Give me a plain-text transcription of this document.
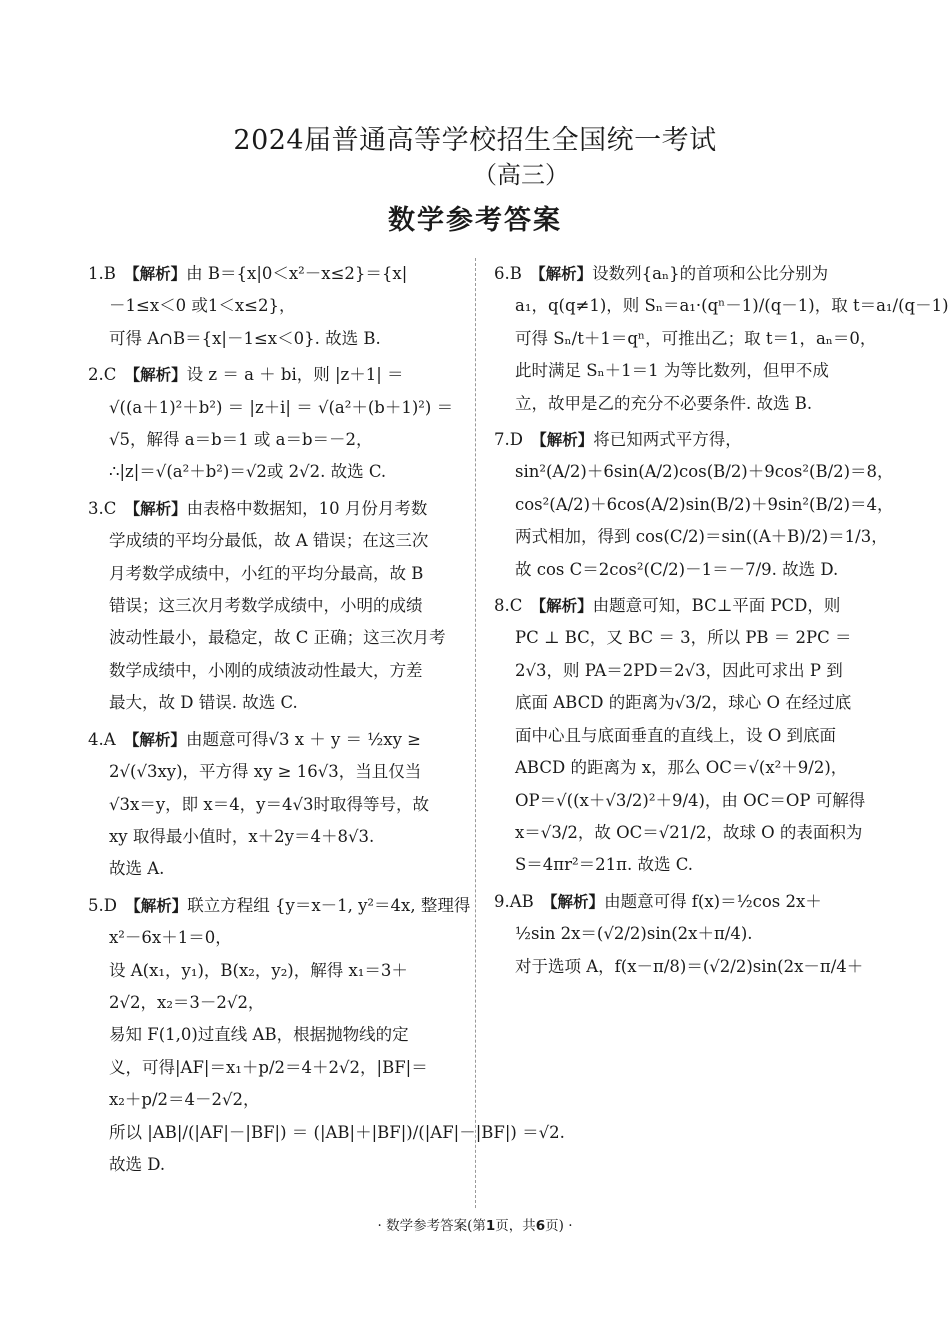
2024届普通高等学校招生全国统一考试
（高三）
数学参考答案
1.B  【解析】由 B＝{x|0＜x²－x≤2}＝{x|
－1≤x＜0 或1＜x≤2}，
可得 A∩B＝{x|－1≤x＜0}. 故选 B.
2.C  【解析】设 z ＝ a ＋ bi，则 |z＋1| ＝
√((a＋1)²＋b²) ＝ |z＋i| ＝ √(a²＋(b＋1)²) ＝
√5，解得 a＝b＝1 或 a＝b＝－2，
∴|z|＝√(a²＋b²)＝√2或 2√2. 故选 C.
3.C  【解析】由表格中数据知，10 月份月考数
学成绩的平均分最低，故 A 错误；在这三次
月考数学成绩中，小红的平均分最高，故 B
错误；这三次月考数学成绩中，小明的成绩
波动性最小，最稳定，故 C 正确；这三次月考
数学成绩中，小刚的成绩波动性最大，方差
最大，故 D 错误. 故选 C.
4.A  【解析】由题意可得√3 x ＋ y ＝ ½xy ≥
2√(√3xy)，平方得 xy ≥ 16√3，当且仅当
√3x＝y，即 x＝4，y＝4√3时取得等号，故
xy 取得最小值时，x＋2y＝4＋8√3.
故选 A.
5.D  【解析】联立方程组 {y＝x－1, y²＝4x, 整理得
x²－6x＋1＝0，
设 A(x₁，y₁)，B(x₂，y₂)，解得 x₁＝3＋
2√2，x₂＝3－2√2，
易知 F(1,0)过直线 AB，根据抛物线的定
义，可得|AF|＝x₁＋p/2＝4＋2√2，|BF|＝
x₂＋p/2＝4－2√2，
所以 |AB|/(|AF|－|BF|) ＝ (|AB|＋|BF|)/(|AF|－|BF|) ＝√2.
故选 D.
6.B  【解析】设数列{aₙ}的首项和公比分别为
a₁，q(q≠1)，则 Sₙ＝a₁·(qⁿ－1)/(q－1)，取 t＝a₁/(q－1)
可得 Sₙ/t＋1＝qⁿ，可推出乙；取 t＝1，aₙ＝0，
此时满足 Sₙ＋1＝1 为等比数列，但甲不成
立，故甲是乙的充分不必要条件. 故选 B.
7.D  【解析】将已知两式平方得，
sin²(A/2)＋6sin(A/2)cos(B/2)＋9cos²(B/2)＝8，
cos²(A/2)＋6cos(A/2)sin(B/2)＋9sin²(B/2)＝4，
两式相加，得到 cos(C/2)＝sin((A＋B)/2)＝1/3，
故 cos C＝2cos²(C/2)－1＝－7/9. 故选 D.
8.C  【解析】由题意可知，BC⊥平面 PCD，则
PC ⊥ BC，又 BC ＝ 3，所以 PB ＝ 2PC ＝
2√3，则 PA＝2PD＝2√3，因此可求出 P 到
底面 ABCD 的距离为√3/2，球心 O 在经过底
面中心且与底面垂直的直线上，设 O 到底面
ABCD 的距离为 x，那么 OC＝√(x²＋9/2)，
OP＝√((x＋√3/2)²＋9/4)，由 OC＝OP 可解得
x＝√3/2，故 OC＝√21/2，故球 O 的表面积为
S＝4πr²＝21π. 故选 C.
9.AB  【解析】由题意可得 f(x)＝½cos 2x＋
½sin 2x＝(√2/2)sin(2x＋π/4).
对于选项 A，f(x－π/8)＝(√2/2)sin(2x－π/4＋
· 数学参考答案(第1页，共6页) ·
